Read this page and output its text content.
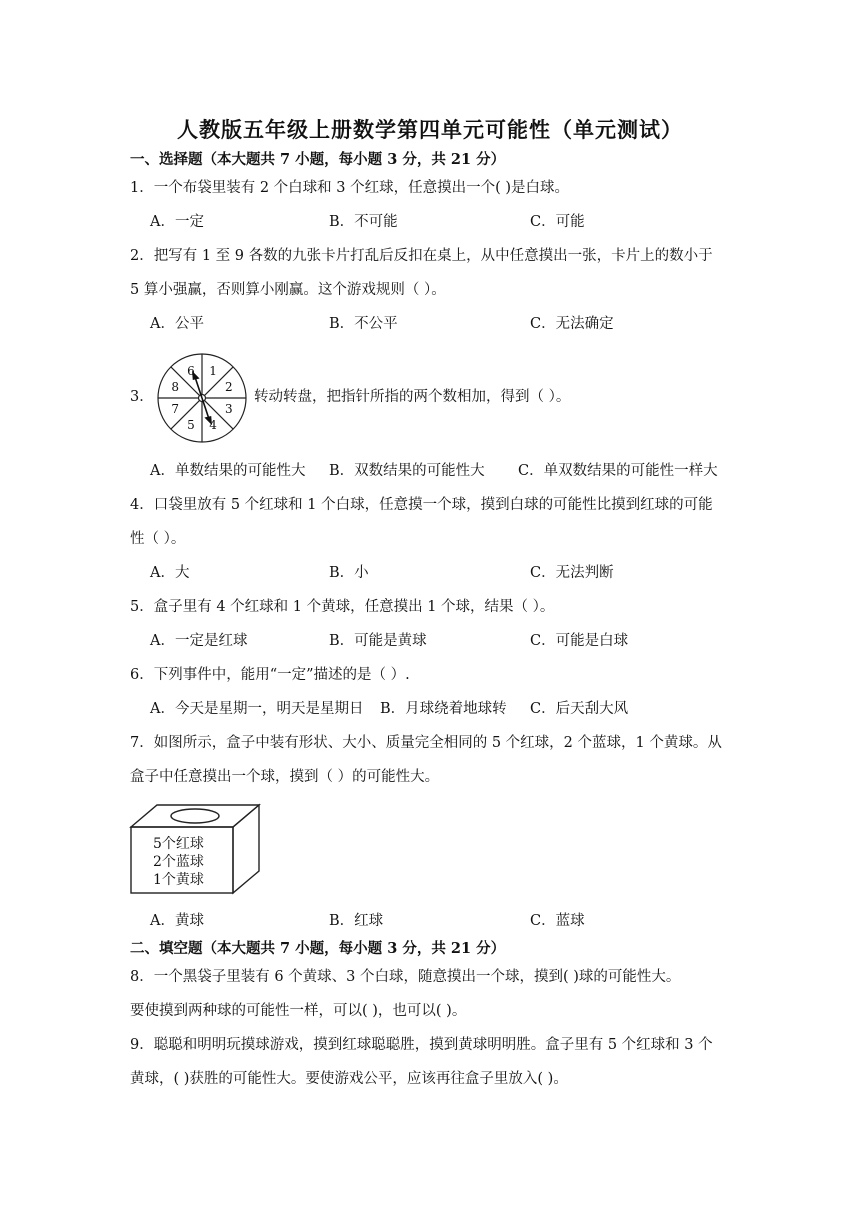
人教版五年级上册数学第四单元可能性（单元测试）
一、选择题（本大题共 7 小题，每小题 3 分，共 21 分）
1．一个布袋里装有 2 个白球和 3 个红球，任意摸出一个( )是白球。
A．一定	B．不可能	C．可能
2．把写有 1 至 9 各数的九张卡片打乱后反扣在桌上，从中任意摸出一张，卡片上的数小于
5 算小强赢，否则算小刚赢。这个游戏规则（ ）。
A．公平	B．不公平	C．无法确定
3．
1
2
3
4
5
7
8
6
转动转盘，把指针所指的两个数相加，得到（ ）。
A．单数结果的可能性大 B．双数结果的可能性大 C．单双数结果的可能性一样大
4．口袋里放有 5 个红球和 1 个白球，任意摸一个球，摸到白球的可能性比摸到红球的可能
性（ ）。
A．大	B．小	C．无法判断
5．盒子里有 4 个红球和 1 个黄球，任意摸出 1 个球，结果（ ）。
A．一定是红球	B．可能是黄球	C．可能是白球
6．下列事件中，能用“一定”描述的是（ ）.
A．今天是星期一，明天是星期日 B．月球绕着地球转 C．后天刮大风
7．如图所示，盒子中装有形状、大小、质量完全相同的 5 个红球，2 个蓝球，1 个黄球。从
盒子中任意摸出一个球，摸到（ ）的可能性大。
5个红球
2个蓝球
1个黄球
A．黄球	B．红球	C．蓝球
二、填空题（本大题共 7 小题，每小题 3 分，共 21 分）
8．一个黑袋子里装有 6 个黄球、3 个白球，随意摸出一个球，摸到( )球的可能性大。
要使摸到两种球的可能性一样，可以( )，也可以( )。
9．聪聪和明明玩摸球游戏，摸到红球聪聪胜，摸到黄球明明胜。盒子里有 5 个红球和 3 个
黄球，( )获胜的可能性大。要使游戏公平，应该再往盒子里放入( )。
